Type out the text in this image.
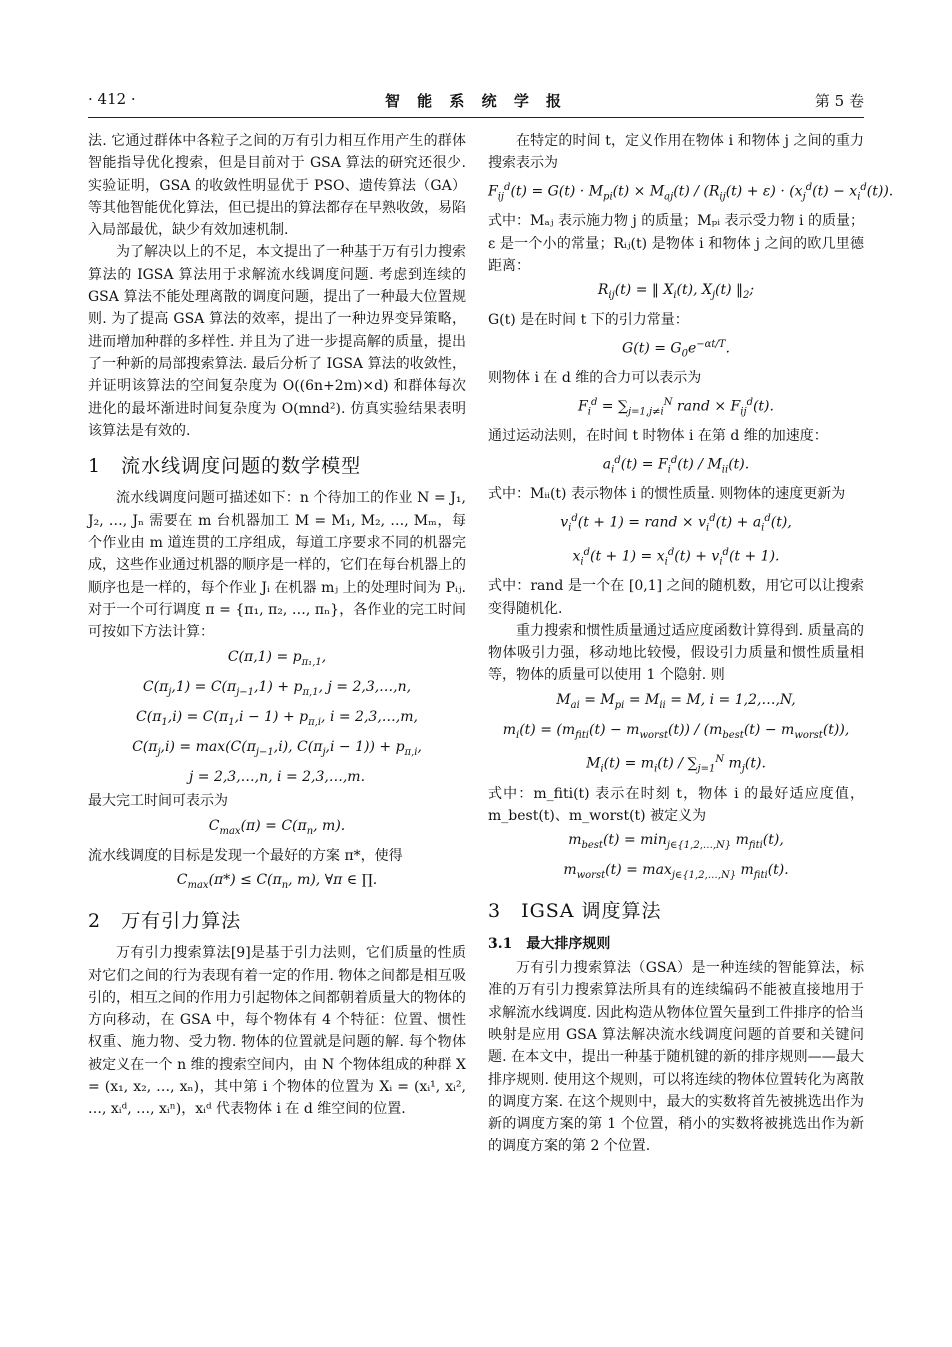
· 412 ·	智 能 系 统 学 报	第 5 卷

法. 它通过群体中各粒子之间的万有引力相互作用产生的群体智能指导优化搜索，但是目前对于 GSA 算法的研究还很少. 实验证明，GSA 的收敛性明显优于 PSO、遗传算法（GA）等其他智能优化算法，但已提出的算法都存在早熟收敛，易陷入局部最优，缺少有效加速机制.

为了解决以上的不足，本文提出了一种基于万有引力搜索算法的 IGSA 算法用于求解流水线调度问题. 考虑到连续的 GSA 算法不能处理离散的调度问题，提出了一种最大位置规则. 为了提高 GSA 算法的效率，提出了一种边界变异策略，进而增加种群的多样性. 并且为了进一步提高解的质量，提出了一种新的局部搜索算法. 最后分析了 IGSA 算法的收敛性，并证明该算法的空间复杂度为 O((6n+2m)×d) 和群体每次进化的最坏渐进时间复杂度为 O(mnd²). 仿真实验结果表明该算法是有效的.

1　流水线调度问题的数学模型

流水线调度问题可描述如下：n 个待加工的作业 N = J₁, J₂, …, Jₙ 需要在 m 台机器加工 M = M₁, M₂, …, Mₘ，每个作业由 m 道连贯的工序组成，每道工序要求不同的机器完成，这些作业通过机器的顺序是一样的，它们在每台机器上的顺序也是一样的，每个作业 Jᵢ 在机器 mⱼ 上的处理时间为 Pᵢⱼ. 对于一个可行调度 π = {π₁, π₂, …, πₙ}，各作业的完工时间可按如下方法计算：

$C(\pi,1) = p_{\pi_1,1}$,
$C(\pi_j,1) = C(\pi_{j-1},1) + p_{\pi,1}$, j = 2,3,…,n,
$C(\pi_1,i) = C(\pi_1,i - 1) + p_{\pi,i}$, i = 2,3,…,m,
$C(\pi_j,i) = \max(C(\pi_{j-1},i)$, $C(\pi_j,i - 1)) + p_{\pi,i}$,
j = 2,3,…,n, i = 2,3,…,m.

最大完工时间可表示为

$C_{max}(\pi) = C(\pi_n$, m).

流水线调度的目标是发现一个最好的方案 π*，使得

$C_{max}(\pi*) \le C(\pi_n$, m), ∀π ∈ ∏.
2　万有引力算法

万有引力搜索算法[9]是基于引力法则，它们质量的性质对它们之间的行为表现有着一定的作用. 物体之间都是相互吸引的，相互之间的作用力引起物体之间都朝着质量大的物体的方向移动，在 GSA 中，每个物体有 4 个特征：位置、惯性权重、施力物、受力物. 物体的位置就是问题的解. 每个物体被定义在一个 n 维的搜索空间内，由 N 个物体组成的种群 X = (x₁, x₂, …, xₙ)，其中第 i 个物体的位置为 Xᵢ = (xᵢ¹, xᵢ², …, xᵢᵈ, …, xᵢⁿ)，xᵢᵈ 代表物体 i 在 d 维空间的位置.

在特定的时间 t，定义作用在物体 i 和物体 j 之间的重力搜索表示为

$F_{ij}^d(t) = G(t) \cdot M_{pi}(t) \times M_{aj}(t) / (R_{ij}(t) + \varepsilon) \cdot (x_j^d(t) - x_i^d(t))$.

式中：Mₐⱼ 表示施力物 j 的质量；Mₚᵢ 表示受力物 i 的质量；ε 是一个小的常量；Rᵢⱼ(t) 是物体 i 和物体 j 之间的欧几里德距离：

$R_{ij}(t)$ = ‖ $X_i(t)$, $X_j(t)$ $‖_2$;

G(t) 是在时间 t 下的引力常量：

$G(t) = G_0e^{-\alpha t/T}$.

则物体 i 在 d 维的合力可以表示为

$F_i^d = \sum_{j=1,j\ne i}^N$ rand × $F_{ij}^d(t)$.

通过运动法则，在时间 t 时物体 i 在第 d 维的加速度：

$a_i^d(t) = F_i^d(t) / M_{ii}(t)$.

式中：Mᵢᵢ(t) 表示物体 i 的惯性质量. 则物体的速度更新为

$v_i^d(t + 1)$ = rand × $v_i^d(t) + a_i^d(t)$,
$x_i^d(t + 1) = x_i^d(t) + v_i^d(t + 1)$.

式中：rand 是一个在 [0,1] 之间的随机数，用它可以让搜索变得随机化.

重力搜索和惯性质量通过适应度函数计算得到. 质量高的物体吸引力强，移动地比较慢，假设引力质量和惯性质量相等，物体的质量可以使用 1 个隐射. 则

$M_{ai} = M_{pi} = M_{ii} = M$, i = 1,2,…,N,
$m_i(t) = (m_{fiti}(t) - m_{worst}(t)) / (m_{best}(t) - m_{worst}(t))$,
$M_i(t) = m_i(t) / \sum_{j=1}^N$ $m_j(t)$.

式中：m_fiti(t) 表示在时刻 t，物体 i 的最好适应度值，m_best(t)、m_worst(t) 被定义为

$m_{best}(t) = \min_{j\in\{1,2,\dots,N\}} m_{fiti}(t)$,
$m_{worst}(t) = \max_{j\in\{1,2,\dots,N\}} m_{fiti}(t)$.
3　IGSA 调度算法
3.1　最大排序规则

万有引力搜索算法（GSA）是一种连续的智能算法，标准的万有引力搜索算法所具有的连续编码不能被直接地用于求解流水线调度. 因此构造从物体位置矢量到工件排序的恰当映射是应用 GSA 算法解决流水线调度问题的首要和关键问题. 在本文中，提出一种基于随机键的新的排序规则——最大排序规则. 使用这个规则，可以将连续的物体位置转化为离散的调度方案. 在这个规则中，最大的实数将首先被挑选出作为新的调度方案的第 1 个位置，稍小的实数将被挑选出作为新的调度方案的第 2 个位置.
